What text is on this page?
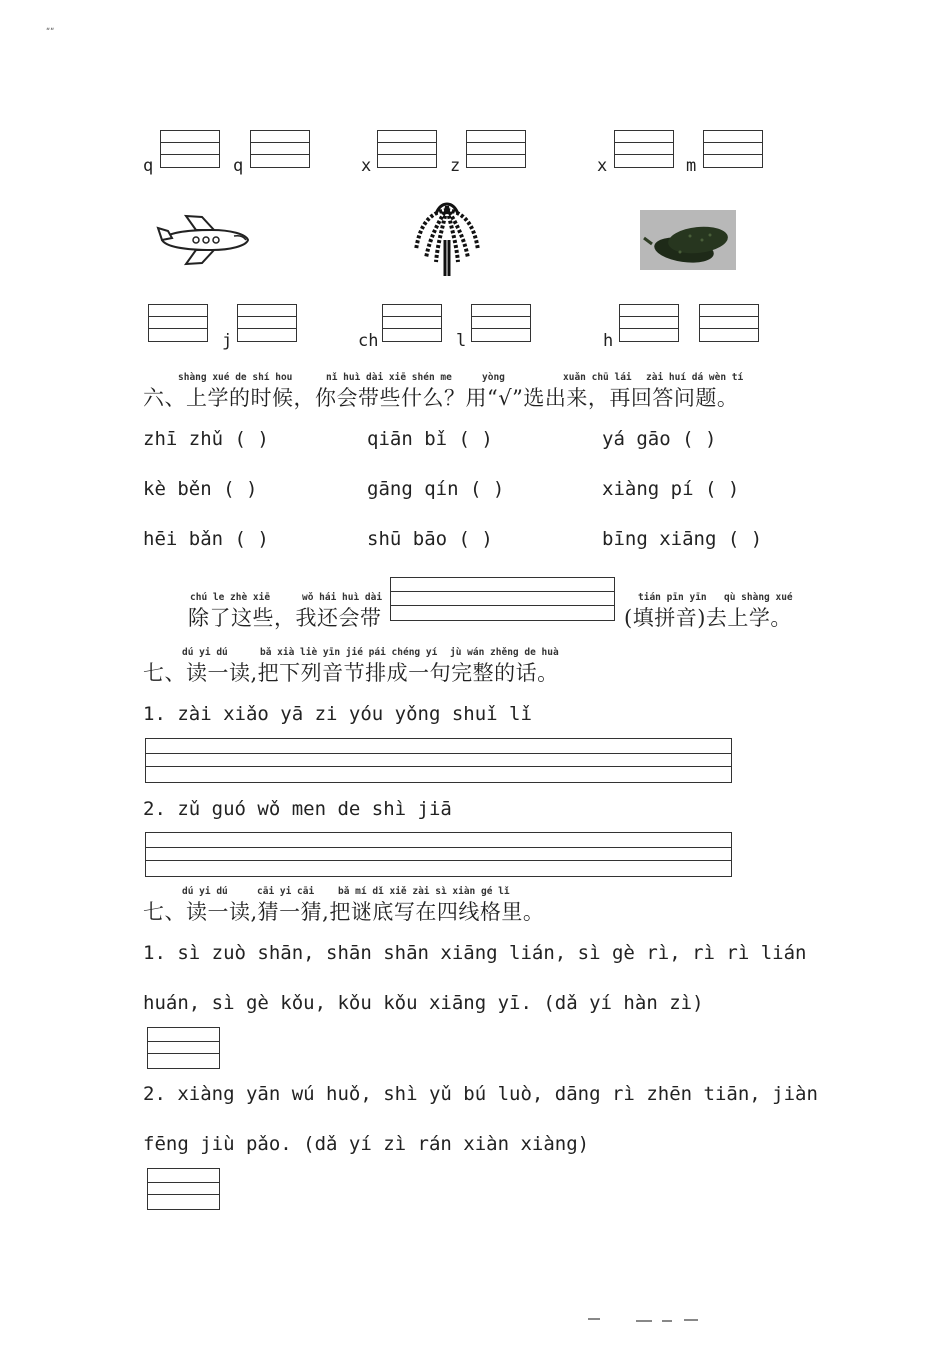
ʺʺ
q	q	x	z	x	m
j	ch	l	h
shàng xué de shí hou	nǐ huì dài xiē shén me	yòng	xuǎn chū lái zài huí dá wèn tí
六、上学的时候，你会带些什么？用“√”选出来，再回答问题。
zhī zhǔ ( )	qiān bǐ ( )	yá gāo ( )
kè běn ( )	gāng qín ( )	xiàng pí ( )
hēi bǎn ( )	shū bāo ( )	bīng xiāng ( )
chú le zhè xiē	wǒ hái huì dài
除了这些，我还会带
tián pīn yīn qù shàng xué
(填拼音)去上学。
dú yi dú	bǎ xià liè yīn jié pái chéng yí jù wán zhěng de huà
七、读一读,把下列音节排成一句完整的话。
1. zài xiǎo yā zi yóu yǒng shuǐ lǐ
2. zǔ guó wǒ men de shì jiā
dú yi dú	cāi yi cāi	bǎ mí dǐ xiě zài sì xiàn gé lǐ
七、读一读,猜一猜,把谜底写在四线格里。
1. sì zuò shān, shān shān xiāng lián, sì gè rì, rì rì lián
huán, sì gè kǒu, kǒu kǒu xiāng yī. (dǎ yí hàn zì)
2. xiàng yān wú huǒ, shì yǔ bú luò, dāng rì zhēn tiān, jiàn
fēng jiù pǎo. (dǎ yí zì rán xiàn xiàng)
